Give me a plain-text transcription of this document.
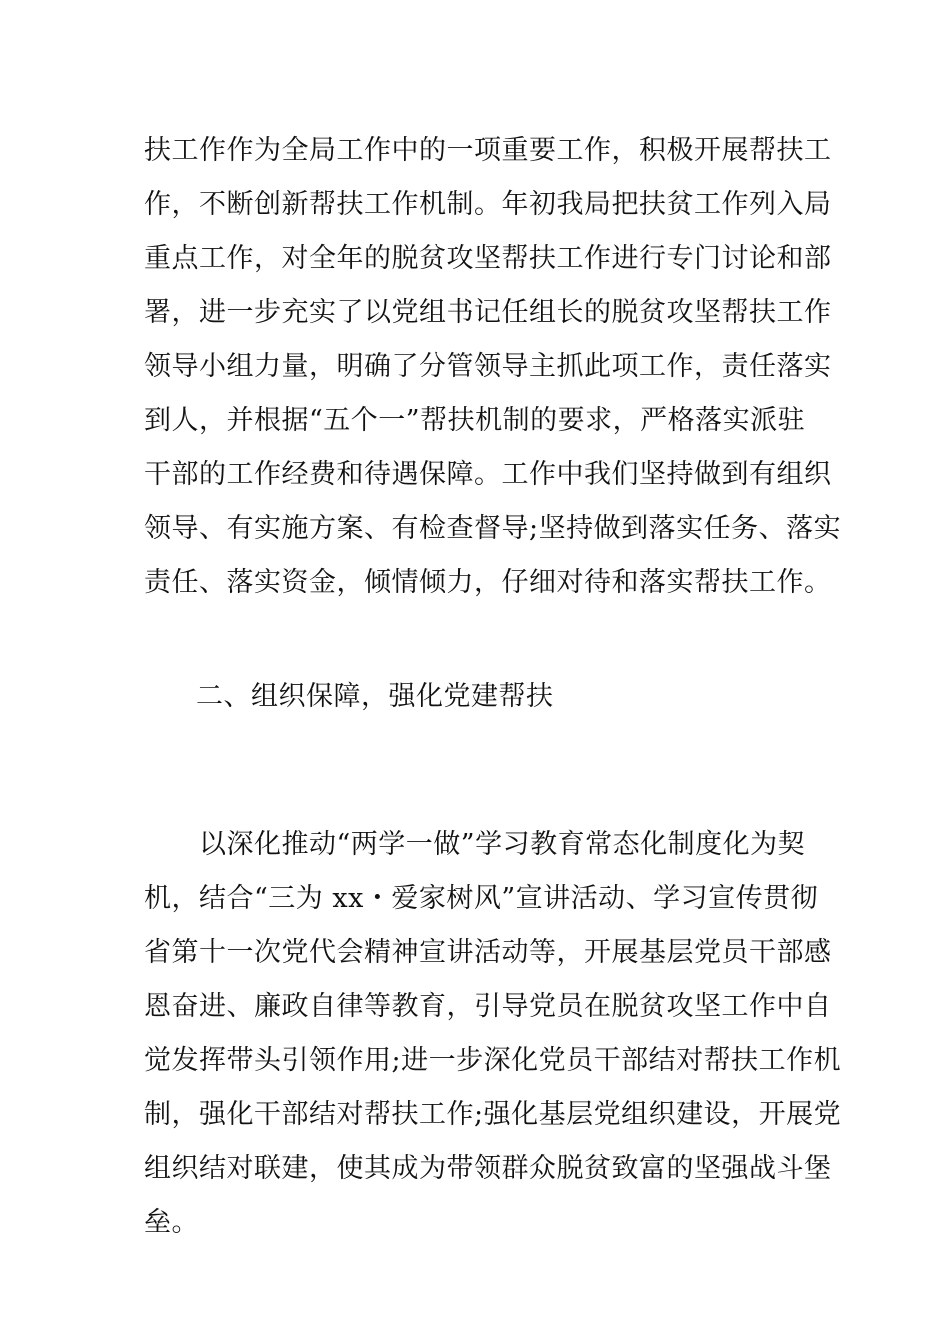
扶工作作为全局工作中的一项重要工作，积极开展帮扶工
作，不断创新帮扶工作机制。年初我局把扶贫工作列入局
重点工作，对全年的脱贫攻坚帮扶工作进行专门讨论和部
署，进一步充实了以党组书记任组长的脱贫攻坚帮扶工作
领导小组力量，明确了分管领导主抓此项工作，责任落实
到人，并根据“五个一”帮扶机制的要求，严格落实派驻
干部的工作经费和待遇保障。工作中我们坚持做到有组织
领导、有实施方案、有检查督导;坚持做到落实任务、落实
责任、落实资金，倾情倾力，仔细对待和落实帮扶工作。
二、组织保障，强化党建帮扶
　　以深化推动“两学一做”学习教育常态化制度化为契
机，结合“三为 xx・爱家树风”宣讲活动、学习宣传贯彻
省第十一次党代会精神宣讲活动等，开展基层党员干部感
恩奋进、廉政自律等教育，引导党员在脱贫攻坚工作中自
觉发挥带头引领作用;进一步深化党员干部结对帮扶工作机
制，强化干部结对帮扶工作;强化基层党组织建设，开展党
组织结对联建，使其成为带领群众脱贫致富的坚强战斗堡
垒。
